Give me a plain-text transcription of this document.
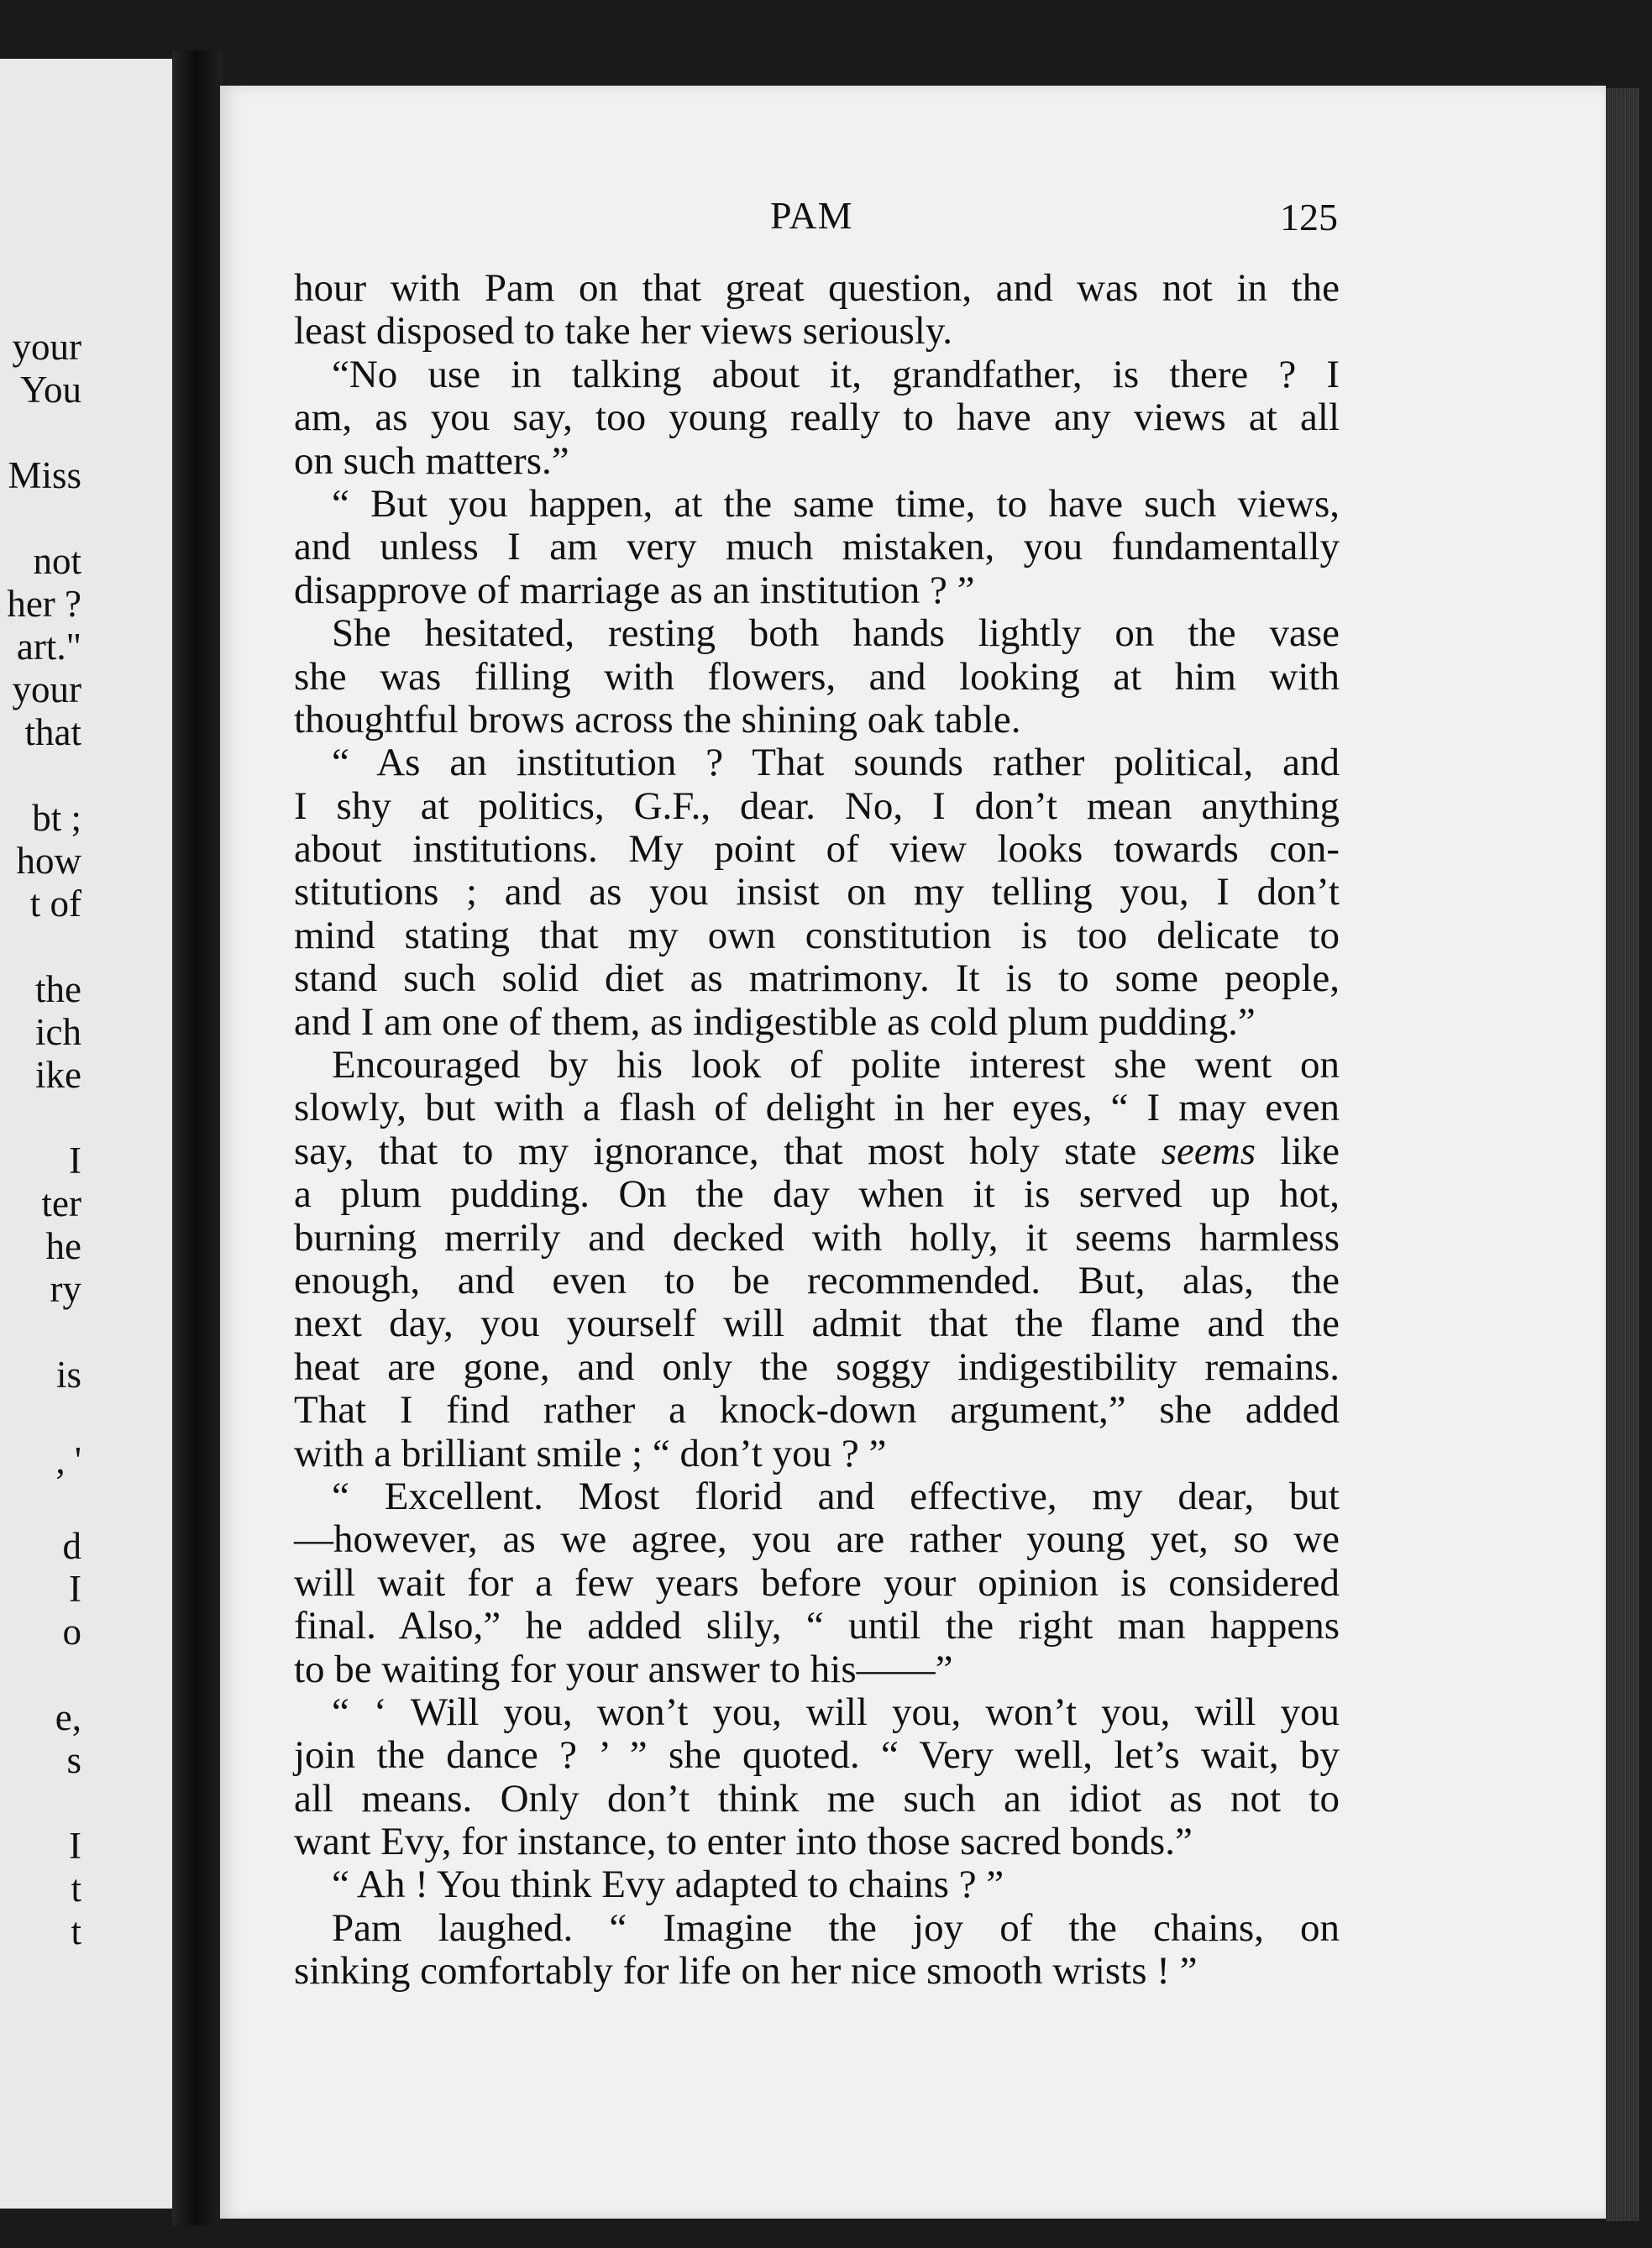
your
You

Miss

not
her ?
art."
your
that

bt ;
how
t of

the
ich
ike

I
ter
he
ry

is

, '

d
I
o

e,
s

I
t
t

PAM	125

hour with Pam on that great question, and was not in the
least disposed to take her views seriously.
“No use in talking about it, grandfather, is there ? I
am, as you say, too young really to have any views at all
on such matters.”
“ But you happen, at the same time, to have such views,
and unless I am very much mistaken, you fundamentally
disapprove of marriage as an institution ? ”
She hesitated, resting both hands lightly on the vase
she was filling with flowers, and looking at him with
thoughtful brows across the shining oak table.
“ As an institution ? That sounds rather political, and
I shy at politics, G.F., dear. No, I don’t mean anything
about institutions. My point of view looks towards con-
stitutions ; and as you insist on my telling you, I don’t
mind stating that my own constitution is too delicate to
stand such solid diet as matrimony. It is to some people,
and I am one of them, as indigestible as cold plum pudding.”
Encouraged by his look of polite interest she went on
slowly, but with a flash of delight in her eyes, “ I may even
say, that to my ignorance, that most holy state seems like
a plum pudding. On the day when it is served up hot,
burning merrily and decked with holly, it seems harmless
enough, and even to be recommended. But, alas, the
next day, you yourself will admit that the flame and the
heat are gone, and only the soggy indigestibility remains.
That I find rather a knock-down argument,” she added
with a brilliant smile ; “ don’t you ? ”
“ Excellent. Most florid and effective, my dear, but
—however, as we agree, you are rather young yet, so we
will wait for a few years before your opinion is considered
final. Also,” he added slily, “ until the right man happens
to be waiting for your answer to his——”
“ ‘ Will you, won’t you, will you, won’t you, will you
join the dance ? ’ ” she quoted. “ Very well, let’s wait, by
all means. Only don’t think me such an idiot as not to
want Evy, for instance, to enter into those sacred bonds.”
“ Ah ! You think Evy adapted to chains ? ”
Pam laughed. “ Imagine the joy of the chains, on
sinking comfortably for life on her nice smooth wrists ! ”
